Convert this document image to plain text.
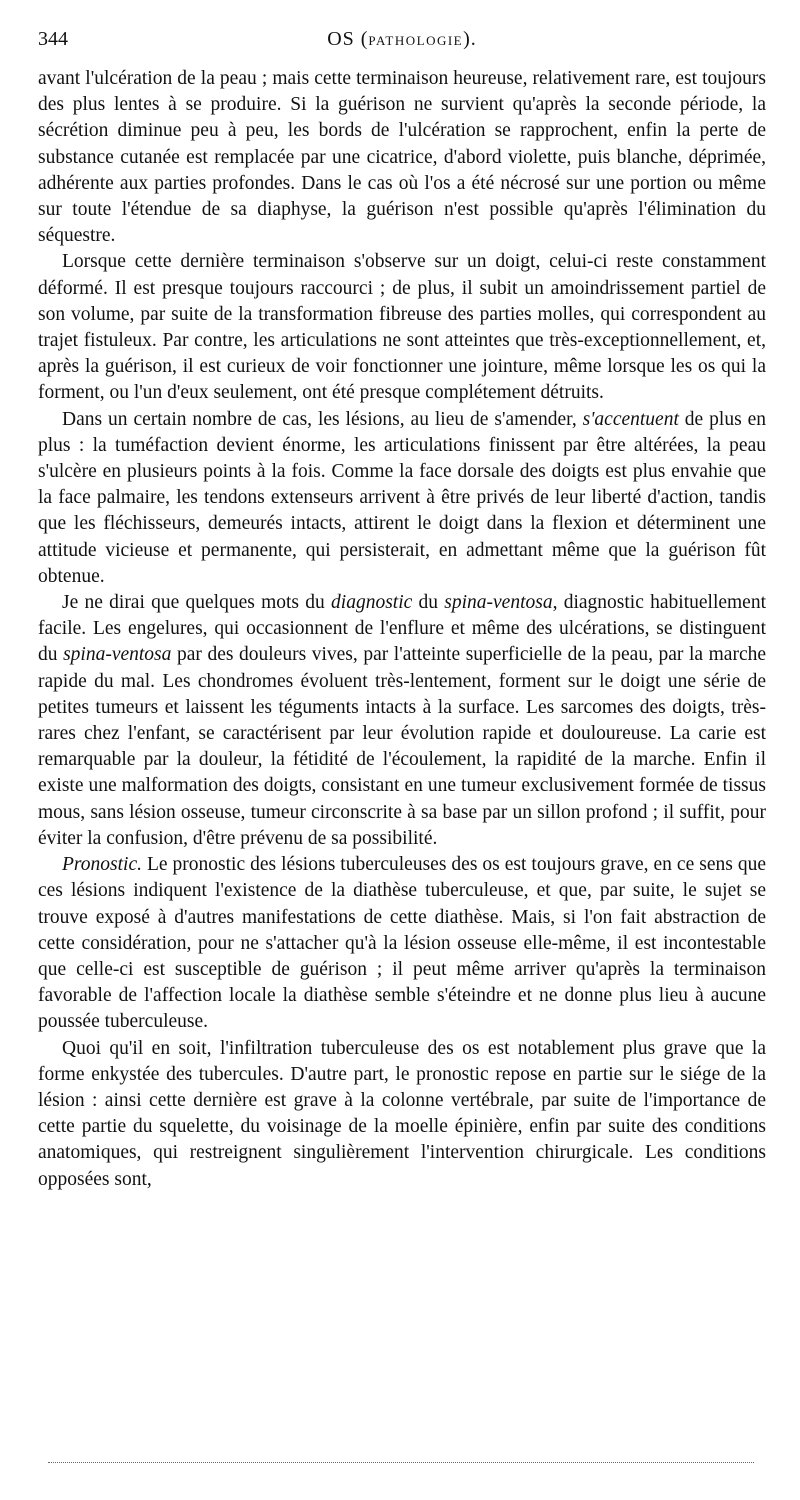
344	OS (PATHOLOGIE).

avant l'ulcération de la peau ; mais cette terminaison heureuse, relativement rare, est toujours des plus lentes à se produire. Si la guérison ne survient qu'après la seconde période, la sécrétion diminue peu à peu, les bords de l'ulcération se rapprochent, enfin la perte de substance cutanée est remplacée par une cicatrice, d'abord violette, puis blanche, déprimée, adhérente aux parties profondes. Dans le cas où l'os a été nécrosé sur une portion ou même sur toute l'étendue de sa diaphyse, la guérison n'est possible qu'après l'élimination du séquestre.

Lorsque cette dernière terminaison s'observe sur un doigt, celui-ci reste constamment déformé. Il est presque toujours raccourci ; de plus, il subit un amoindrissement partiel de son volume, par suite de la transformation fibreuse des parties molles, qui correspondent au trajet fistuleux. Par contre, les articulations ne sont atteintes que très-exceptionnellement, et, après la guérison, il est curieux de voir fonctionner une jointure, même lorsque les os qui la forment, ou l'un d'eux seulement, ont été presque complétement détruits.

Dans un certain nombre de cas, les lésions, au lieu de s'amender, s'accentuent de plus en plus : la tuméfaction devient énorme, les articulations finissent par être altérées, la peau s'ulcère en plusieurs points à la fois. Comme la face dorsale des doigts est plus envahie que la face palmaire, les tendons extenseurs arrivent à être privés de leur liberté d'action, tandis que les fléchisseurs, demeurés intacts, attirent le doigt dans la flexion et déterminent une attitude vicieuse et permanente, qui persisterait, en admettant même que la guérison fût obtenue.

Je ne dirai que quelques mots du diagnostic du spina-ventosa, diagnostic habituellement facile. Les engelures, qui occasionnent de l'enflure et même des ulcérations, se distinguent du spina-ventosa par des douleurs vives, par l'atteinte superficielle de la peau, par la marche rapide du mal. Les chondromes évoluent très-lentement, forment sur le doigt une série de petites tumeurs et laissent les téguments intacts à la surface. Les sarcomes des doigts, très-rares chez l'enfant, se caractérisent par leur évolution rapide et douloureuse. La carie est remarquable par la douleur, la fétidité de l'écoulement, la rapidité de la marche. Enfin il existe une malformation des doigts, consistant en une tumeur exclusivement formée de tissus mous, sans lésion osseuse, tumeur circonscrite à sa base par un sillon profond ; il suffit, pour éviter la confusion, d'être prévenu de sa possibilité.

Pronostic. Le pronostic des lésions tuberculeuses des os est toujours grave, en ce sens que ces lésions indiquent l'existence de la diathèse tuberculeuse, et que, par suite, le sujet se trouve exposé à d'autres manifestations de cette diathèse. Mais, si l'on fait abstraction de cette considération, pour ne s'attacher qu'à la lésion osseuse elle-même, il est incontestable que celle-ci est susceptible de guérison ; il peut même arriver qu'après la terminaison favorable de l'affection locale la diathèse semble s'éteindre et ne donne plus lieu à aucune poussée tuberculeuse.

Quoi qu'il en soit, l'infiltration tuberculeuse des os est notablement plus grave que la forme enkystée des tubercules. D'autre part, le pronostic repose en partie sur le siége de la lésion : ainsi cette dernière est grave à la colonne vertébrale, par suite de l'importance de cette partie du squelette, du voisinage de la moelle épinière, enfin par suite des conditions anatomiques, qui restreignent singulièrement l'intervention chirurgicale. Les conditions opposées sont,
